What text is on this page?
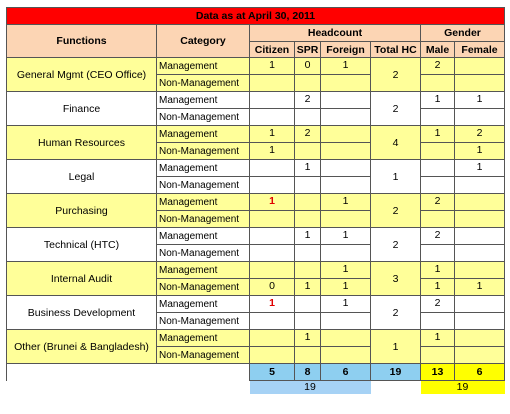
Data as at April 30, 2011							
Functions	Category	Headcount				Gender	
		Citizen	SPR	Foreign	Total HC	Male	Female
General Mgmt (CEO Office)	Management	1	0	1	2	2	
	Non-Management						
Finance	Management		2		2	1	1
	Non-Management						
Human Resources	Management	1	2		4	1	2
	Non-Management	1					1
Legal	Management		1		1		1
	Non-Management						
Purchasing	Management	1		1	2	2	
	Non-Management						
Technical (HTC)	Management		1	1	2	2	
	Non-Management						
Internal Audit	Management			1	3	1	
	Non-Management	0	1	1		1	1
Business Development	Management	1		1	2	2	
	Non-Management						
Other (Brunei & Bangladesh)	Management		1		1	1	
	Non-Management						
		5	8	6	19	13	6
		19				19	
